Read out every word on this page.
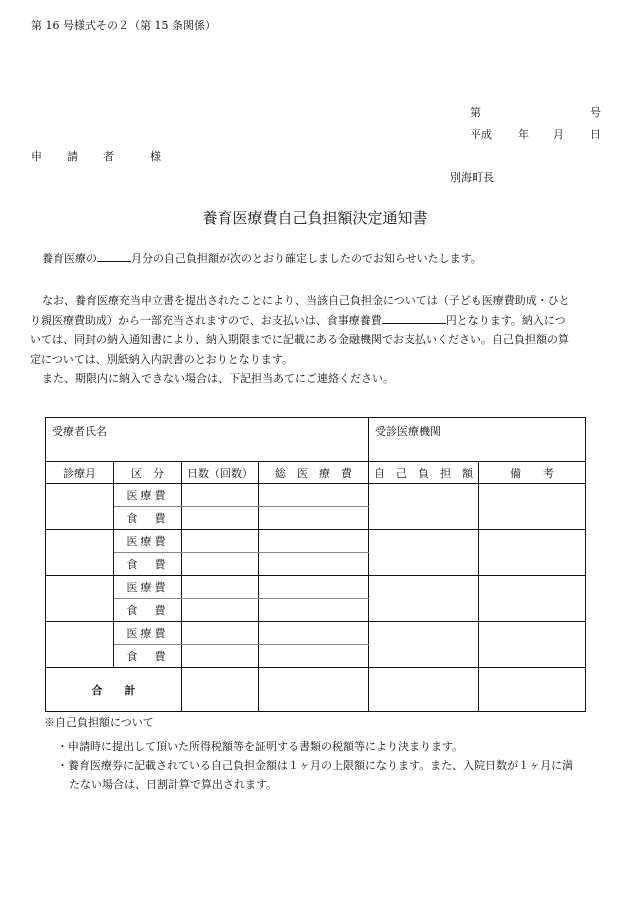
第 16 号様式その２（第 15 条関係）
第	号
平成 年 月 日
申 請 者	様
別海町長
養育医療費自己負担額決定通知書
養育医療の	月分の自己負担額が次のとおり確定しましたのでお知らせいたします。
なお、養育医療充当申立書を提出されたことにより、当該自己負担金については（子ども医療費助成・ひと
り親医療費助成）から一部充当されますので、お支払いは、食事療養費	円となります。納入につ
いては、同封の納入通知書により、納入期限までに記載にある金融機関でお支払いください。自己負担額の算
定については、別紙納入内訳書のとおりとなります。
また、期限内に納入できない場合は、下記担当あてにご連絡ください。
受療者氏名				受診医療機関	
診療月	区　分	日数（回数）	総　医　療　費	自　己　負　担　額	備　　考
	医療費				
	食　費				
	医療費				
	食　費				
	医療費				
	食　費				
	医療費				
	食　費				
合　　計					
※自己負担額について
・申請時に提出して頂いた所得税額等を証明する書類の税額等により決まります。
・養育医療券に記載されている自己負担金額は１ヶ月の上限額になります。また、入院日数が１ヶ月に満
たない場合は、日割計算で算出されます。
